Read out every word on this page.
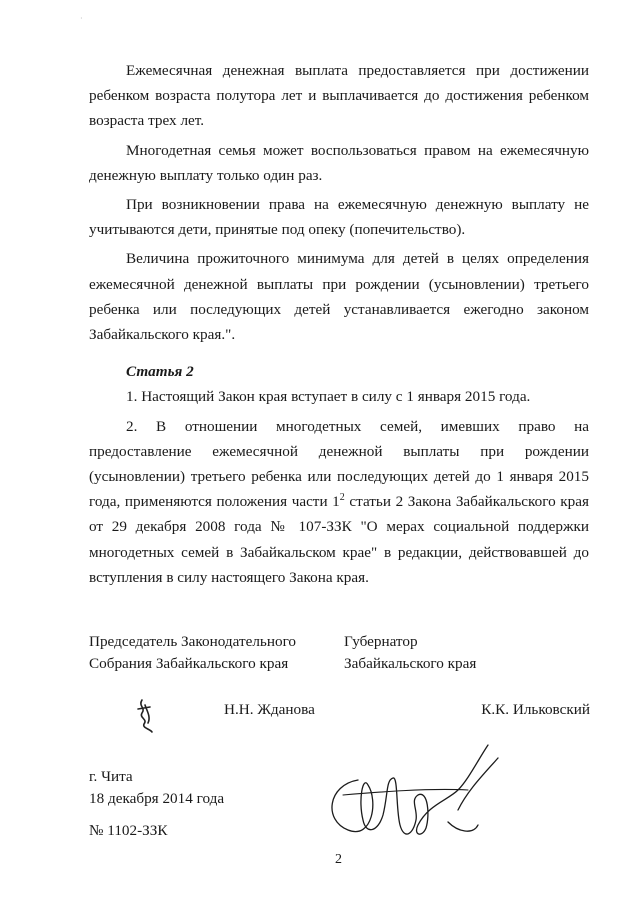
·

Ежемесячная денежная выплата предоставляется при достижении ребенком возраста полутора лет и выплачивается до достижения ребенком возраста трех лет.

Многодетная семья может воспользоваться правом на ежемесячную денежную выплату только один раз.

При возникновении права на ежемесячную денежную выплату не учитываются дети, принятые под опеку (попечительство).

Величина прожиточного минимума для детей в целях определения ежемесячной денежной выплаты при рождении (усыновлении) третьего ребенка или последующих детей устанавливается ежегодно законом Забайкальского края.".

Статья 2

1. Настоящий Закон края вступает в силу с 1 января 2015 года.

2. В отношении многодетных семей, имевших право на предоставление ежемесячной денежной выплаты при рождении (усыновлении) третьего ребенка или последующих детей до 1 января 2015 года, применяются положения части $1^2$ статьи 2 Закона Забайкальского края от 29 декабря 2008 года № 107-ЗЗК "О мерах социальной поддержки многодетных семей в Забайкальском крае" в редакции, действовавшей до вступления в силу настоящего Закона края.

Председатель Законодательного
Собрания Забайкальского края
Губернатор
Забайкальского края
Н.Н. Жданова	К.К. Ильковский
г. Чита
18 декабря 2014 года
№ 1102-ЗЗК
2
